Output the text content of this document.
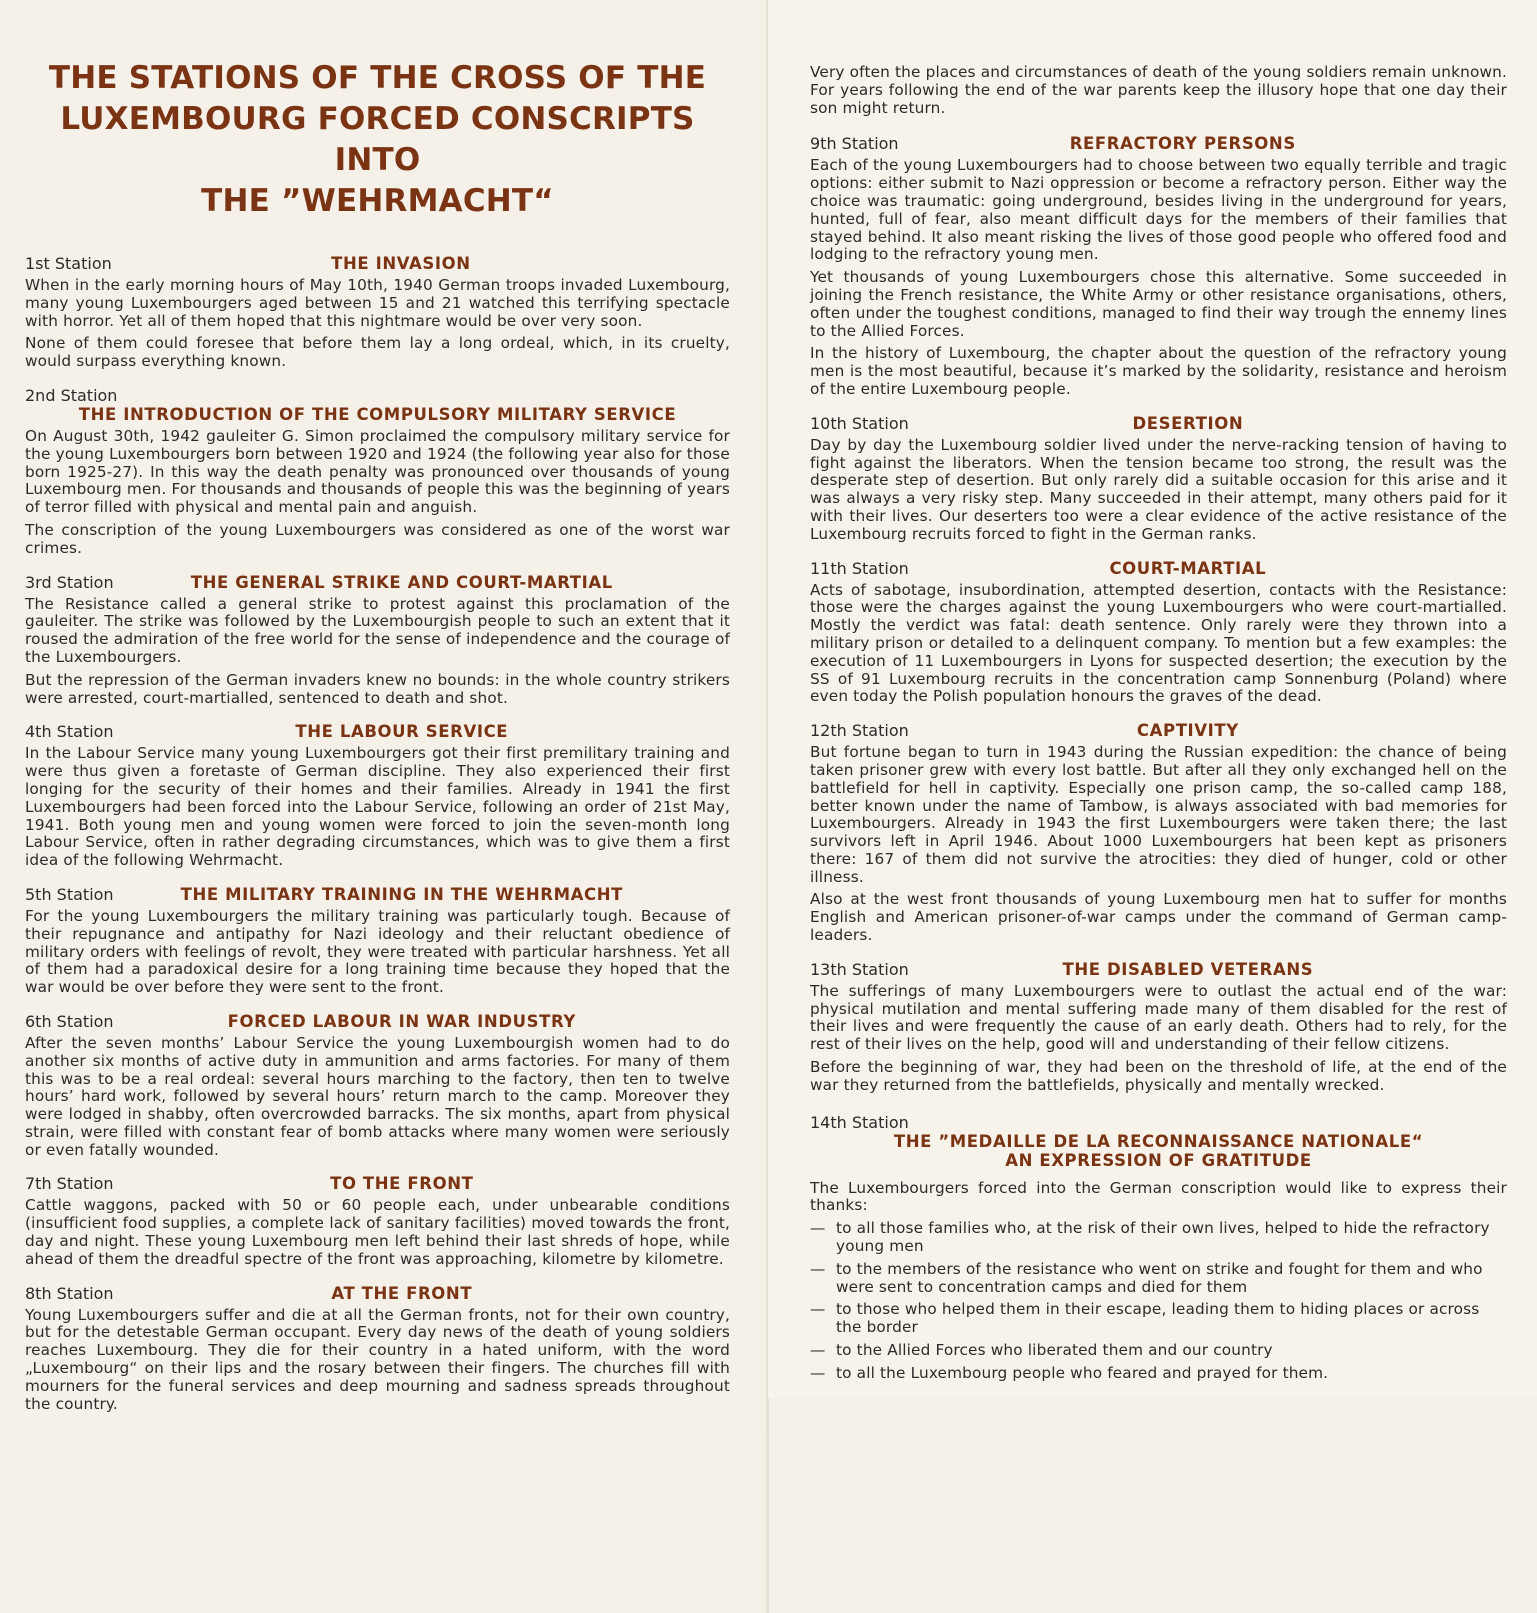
THE STATIONS OF THE CROSS OF THE
LUXEMBOURG FORCED CONSCRIPTS INTO
THE ”WEHRMACHT“
1st Station	THE INVASION

When in the early morning hours of May 10th, 1940 German troops invaded Luxembourg, many young Luxembourgers aged between 15 and 21 watched this terrifying spectacle with horror. Yet all of them hoped that this nightmare would be over very soon.

None of them could foresee that before them lay a long ordeal, which, in its cruelty, would surpass everything known.

2nd Station
THE INTRODUCTION OF THE COMPULSORY MILITARY SERVICE

On August 30th, 1942 gauleiter G. Simon proclaimed the compulsory military service for the young Luxembourgers born between 1920 and 1924 (the following year also for those born 1925-27). In this way the death penalty was pronounced over thousands of young Luxembourg men. For thousands and thousands of people this was the beginning of years of terror filled with physical and mental pain and anguish.

The conscription of the young Luxembourgers was considered as one of the worst war crimes.

3rd Station	THE GENERAL STRIKE AND COURT-MARTIAL

The Resistance called a general strike to protest against this proclamation of the gauleiter. The strike was followed by the Luxembourgish people to such an extent that it roused the admiration of the free world for the sense of independence and the courage of the Luxembourgers.

But the repression of the German invaders knew no bounds: in the whole country strikers were arrested, court-martialled, sentenced to death and shot.

4th Station	THE LABOUR SERVICE

In the Labour Service many young Luxembourgers got their first premilitary training and were thus given a foretaste of German discipline. They also experienced their first longing for the security of their homes and their families. Already in 1941 the first Luxembourgers had been forced into the Labour Service, following an order of 21st May, 1941. Both young men and young women were forced to join the seven-month long Labour Service, often in rather degrading circumstances, which was to give them a first idea of the following Wehrmacht.

5th Station	THE MILITARY TRAINING IN THE WEHRMACHT

For the young Luxembourgers the military training was particularly tough. Because of their repugnance and antipathy for Nazi ideology and their reluctant obedience of military orders with feelings of revolt, they were treated with particular harshness. Yet all of them had a paradoxical desire for a long training time because they hoped that the war would be over before they were sent to the front.

6th Station	FORCED LABOUR IN WAR INDUSTRY

After the seven months’ Labour Service the young Luxembourgish women had to do another six months of active duty in ammunition and arms factories. For many of them this was to be a real ordeal: several hours marching to the factory, then ten to twelve hours’ hard work, followed by several hours’ return march to the camp. Moreover they were lodged in shabby, often overcrowded barracks. The six months, apart from physical strain, were filled with constant fear of bomb attacks where many women were seriously or even fatally wounded.

7th Station	TO THE FRONT

Cattle waggons, packed with 50 or 60 people each, under unbearable conditions (insufficient food supplies, a complete lack of sanitary facilities) moved towards the front, day and night. These young Luxembourg men left behind their last shreds of hope, while ahead of them the dreadful spectre of the front was approaching, kilometre by kilometre.

8th Station	AT THE FRONT

Young Luxembourgers suffer and die at all the German fronts, not for their own country, but for the detestable German occupant. Every day news of the death of young soldiers reaches Luxembourg. They die for their country in a hated uniform, with the word „Luxembourg“ on their lips and the rosary between their fingers. The churches fill with mourners for the funeral services and deep mourning and sadness spreads throughout the country.

Very often the places and circumstances of death of the young soldiers remain unknown. For years following the end of the war parents keep the illusory hope that one day their son might return.

9th Station	REFRACTORY PERSONS

Each of the young Luxembourgers had to choose between two equally terrible and tragic options: either submit to Nazi oppression or become a refractory person. Either way the choice was traumatic: going underground, besides living in the underground for years, hunted, full of fear, also meant difficult days for the members of their families that stayed behind. It also meant risking the lives of those good people who offered food and lodging to the refractory young men.

Yet thousands of young Luxembourgers chose this alternative. Some succeeded in joining the French resistance, the White Army or other resistance organisations, others, often under the toughest conditions, managed to find their way trough the ennemy lines to the Allied Forces.

In the history of Luxembourg, the chapter about the question of the refractory young men is the most beautiful, because it’s marked by the solidarity, resistance and heroism of the entire Luxembourg people.

10th Station	DESERTION

Day by day the Luxembourg soldier lived under the nerve-racking tension of having to fight against the liberators. When the tension became too strong, the result was the desperate step of desertion. But only rarely did a suitable occasion for this arise and it was always a very risky step. Many succeeded in their attempt, many others paid for it with their lives. Our deserters too were a clear evidence of the active resistance of the Luxembourg recruits forced to fight in the German ranks.

11th Station	COURT-MARTIAL

Acts of sabotage, insubordination, attempted desertion, contacts with the Resistance: those were the charges against the young Luxembourgers who were court-martialled. Mostly the verdict was fatal: death sentence. Only rarely were they thrown into a military prison or detailed to a delinquent company. To mention but a few examples: the execution of 11 Luxembourgers in Lyons for suspected desertion; the execution by the SS of 91 Luxembourg recruits in the concentration camp Sonnenburg (Poland) where even today the Polish population honours the graves of the dead.

12th Station	CAPTIVITY

But fortune began to turn in 1943 during the Russian expedition: the chance of being taken prisoner grew with every lost battle. But after all they only exchanged hell on the battlefield for hell in captivity. Especially one prison camp, the so-called camp 188, better known under the name of Tambow, is always associated with bad memories for Luxembourgers. Already in 1943 the first Luxembourgers were taken there; the last survivors left in April 1946. About 1000 Luxembourgers hat been kept as prisoners there: 167 of them did not survive the atrocities: they died of hunger, cold or other illness.

Also at the west front thousands of young Luxembourg men hat to suffer for months English and American prisoner-of-war camps under the command of German camp-leaders.

13th Station	THE DISABLED VETERANS

The sufferings of many Luxembourgers were to outlast the actual end of the war: physical mutilation and mental suffering made many of them disabled for the rest of their lives and were frequently the cause of an early death. Others had to rely, for the rest of their lives on the help, good will and understanding of their fellow citizens.

Before the beginning of war, they had been on the threshold of life, at the end of the war they returned from the battlefields, physically and mentally wrecked.

14th Station
THE ”MEDAILLE DE LA RECONNAISSANCE NATIONALE“
AN EXPRESSION OF GRATITUDE

The Luxembourgers forced into the German conscription would like to express their thanks:

— to all those families who, at the risk of their own lives, helped to hide the refractory young men
— to the members of the resistance who went on strike and fought for them and who were sent to concentration camps and died for them
— to those who helped them in their escape, leading them to hiding places or across the border
— to the Allied Forces who liberated them and our country
— to all the Luxembourg people who feared and prayed for them.
